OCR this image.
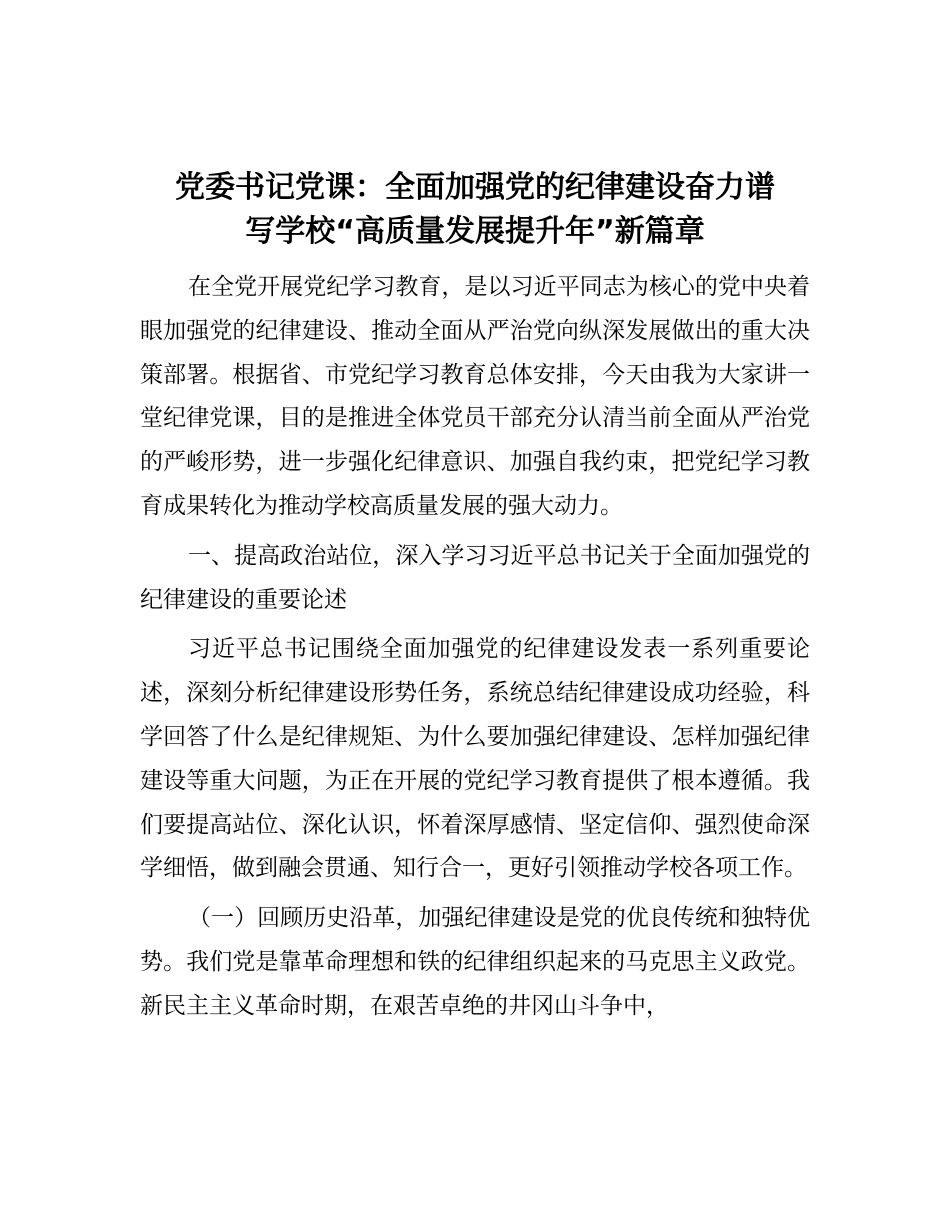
党委书记党课：全面加强党的纪律建设奋力谱
写学校“高质量发展提升年”新篇章

在全党开展党纪学习教育，是以习近平同志为核心的党中央着眼加强党的纪律建设、推动全面从严治党向纵深发展做出的重大决策部署。根据省、市党纪学习教育总体安排，今天由我为大家讲一堂纪律党课，目的是推进全体党员干部充分认清当前全面从严治党的严峻形势，进一步强化纪律意识、加强自我约束，把党纪学习教育成果转化为推动学校高质量发展的强大动力。

一、提高政治站位，深入学习习近平总书记关于全面加强党的纪律建设的重要论述

习近平总书记围绕全面加强党的纪律建设发表一系列重要论述，深刻分析纪律建设形势任务，系统总结纪律建设成功经验，科学回答了什么是纪律规矩、为什么要加强纪律建设、怎样加强纪律建设等重大问题，为正在开展的党纪学习教育提供了根本遵循。我们要提高站位、深化认识，怀着深厚感情、坚定信仰、强烈使命深学细悟，做到融会贯通、知行合一，更好引领推动学校各项工作。

（一）回顾历史沿革，加强纪律建设是党的优良传统和独特优势。我们党是靠革命理想和铁的纪律组织起来的马克思主义政党。新民主主义革命时期，在艰苦卓绝的井冈山斗争中，
